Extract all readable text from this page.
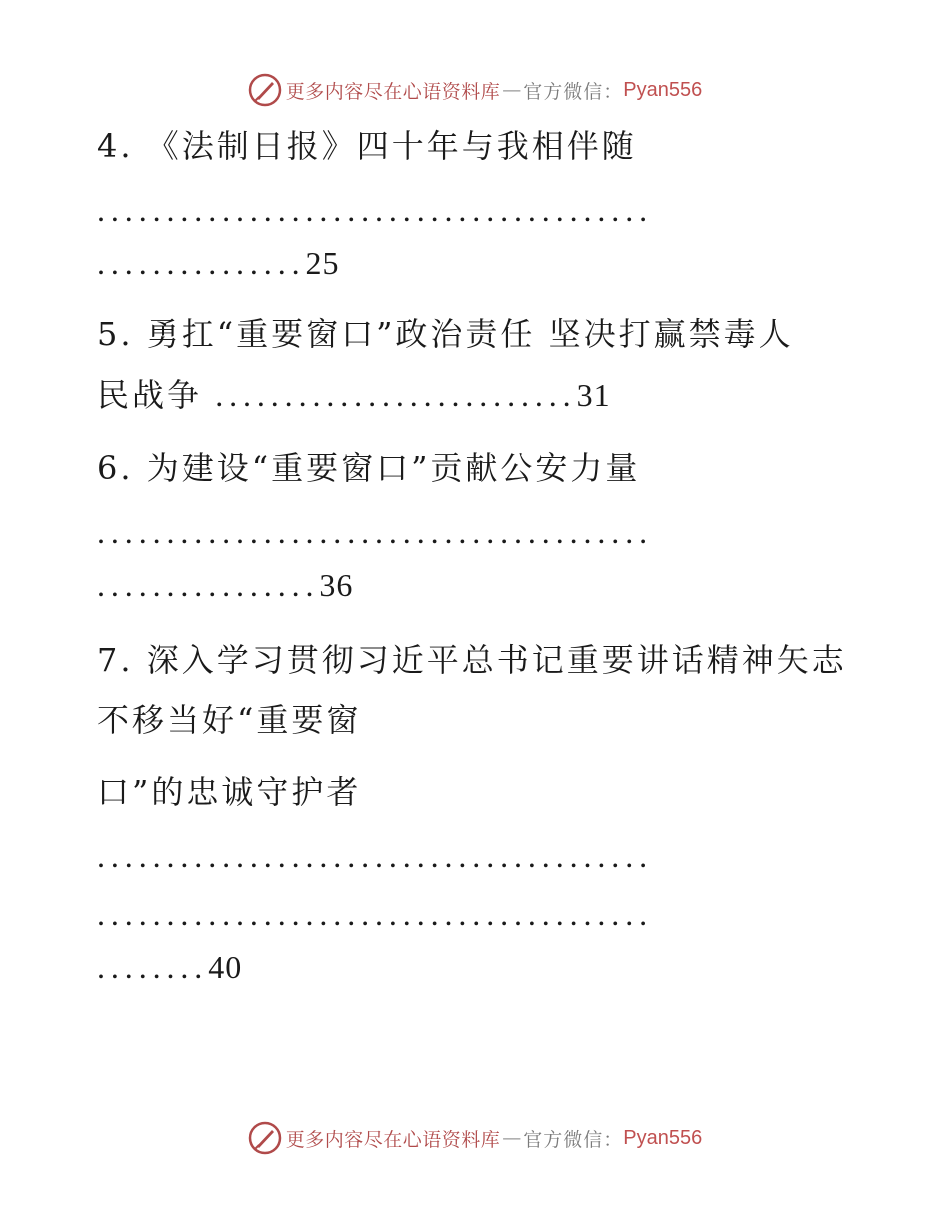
更多内容尽在心语资料库 — 官方微信： Pyan556
4. 《法制日报》四十年与我相伴随
........................................
...............25
5. 勇扛“重要窗口”政治责任 坚决打赢禁毒人
民战争 ..........................31
6. 为建设“重要窗口”贡献公安力量
........................................
................36
7. 深入学习贯彻习近平总书记重要讲话精神矢志
不移当好“重要窗
口”的忠诚守护者
........................................
........................................
........40
更多内容尽在心语资料库 — 官方微信： Pyan556
